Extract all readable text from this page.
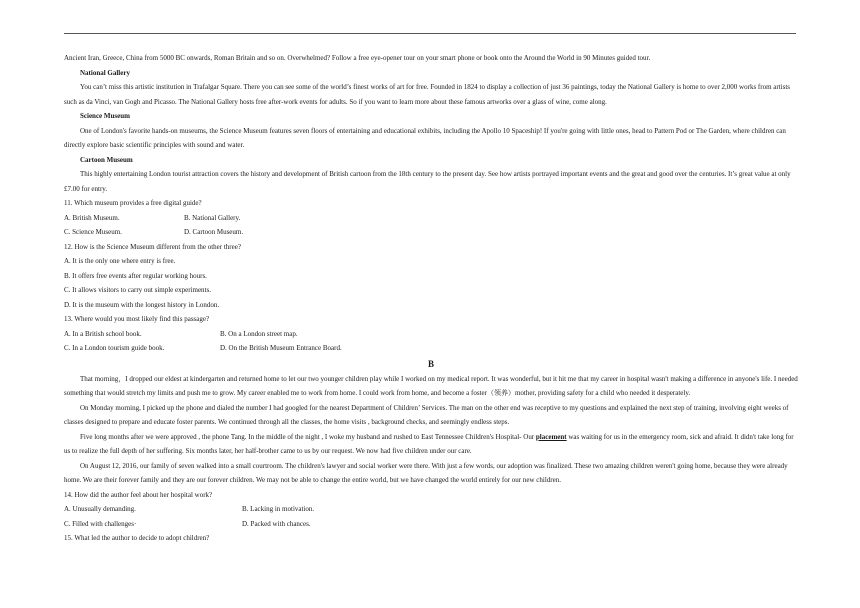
Ancient Iran, Greece, China from 5000 BC onwards, Roman Britain and so on. Overwhelmed? Follow a free eye-opener tour on your smart phone or book onto the Around the World in 90 Minutes guided tour.

National Gallery

You can’t miss this artistic institution in Trafalgar Square. There you can see some of the world’s finest works of art for free. Founded in 1824 to display a collection of just 36 paintings, today the National Gallery is home to over 2,000 works from artists such as da Vinci, van Gogh and Picasso. The National Gallery hosts free after-work events for adults. So if you want to learn more about these famous artworks over a glass of wine, come along.

Science Museum

One of London's favorite hands-on museums, the Science Museum features seven floors of entertaining and educational exhibits, including the Apollo 10 Spaceship! If you're going with little ones, head to Pattern Pod or The Garden, where children can directly explore basic scientific principles with sound and water.

Cartoon Museum

This highly entertaining London tourist attraction covers the history and development of British cartoon from the 18th century to the present day. See how artists portrayed important events and the great and good over the centuries. It’s great value at only £7.00 for entry.

11. Which museum provides a free digital guide?

A. British Museum.	B. National Gallery.
C. Science Museum.	D. Cartoon Museum.

12. How is the Science Museum different from the other three?

A. It is the only one where entry is free.

B. It offers free events after regular working hours.

C. It allows visitors to carry out simple experiments.

D. It is the museum with the longest history in London.

13. Where would you most likely find this passage?

A. In a British school book.	B. On a London street map.
C. In a London tourism guide book.	D. On the British Museum Entrance Board.

B

That morning，I dropped our eldest at kindergarten and returned home to let our two younger children play while I worked on my medical report. It was wonderful, but it hit me that my career in hospital wasn't making a difference in anyone's life. I needed something that would stretch my limits and push me to grow. My career enabled me to work from home. I could work from home, and become a foster（领养）mother, providing safety for a child who needed it desperately.

On Monday morning, I picked up the phone and dialed the number I had googled for the nearest Department of Children’ Services. The man on the other end was receptive to my questions and explained the next step of training, involving eight weeks of classes designed to prepare and educate foster parents. We continued through all the classes, the home visits , background checks, and seemingly endless steps.

Five long months after we were approved , the phone Tang. In the middle of the night , I woke my husband and rushed to East Tennessee Children's Hospital- Our placement was waiting for us in the emergency room, sick and afraid. It didn't take long for us to realize the full depth of her suffering. Six months later, her half-brother came to us by our request. We now had five children under our care.

On August 12, 2016, our family of seven walked into a small courtroom. The children's lawyer and social worker were there. With just a few words, our adoption was finalized. These two amazing children weren't going home, because they were already home. We are their forever family and they are our forever children. We may not be able to change the entire world, but we have changed the world entirely for our new children.

14. How did the author feel about her hospital work?

A. Unusually demanding.	B. Lacking in motivation.
C. Filled with challenges·	D. Packed with chances.

15. What led the author to decide to adopt children?
